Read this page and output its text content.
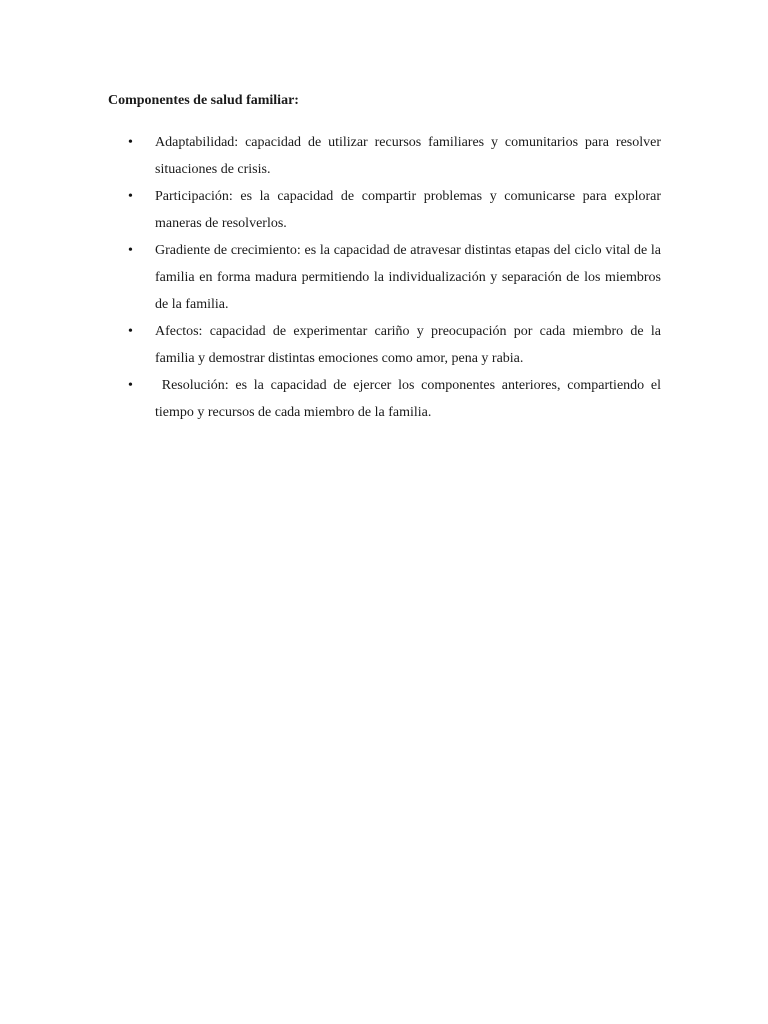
Componentes de salud familiar:

•	Adaptabilidad: capacidad de utilizar recursos familiares y comunitarios para resolver situaciones de crisis.
•	Participación: es la capacidad de compartir problemas y comunicarse para explorar maneras de resolverlos.
•	Gradiente de crecimiento: es la capacidad de atravesar distintas etapas del ciclo vital de la familia en forma madura permitiendo la individualización y separación de los miembros de la familia.
•	Afectos: capacidad de experimentar cariño y preocupación por cada miembro de la familia y demostrar distintas emociones como amor, pena y rabia.
•	Resolución: es la capacidad de ejercer los componentes anteriores, compartiendo el tiempo y recursos de cada miembro de la familia.
